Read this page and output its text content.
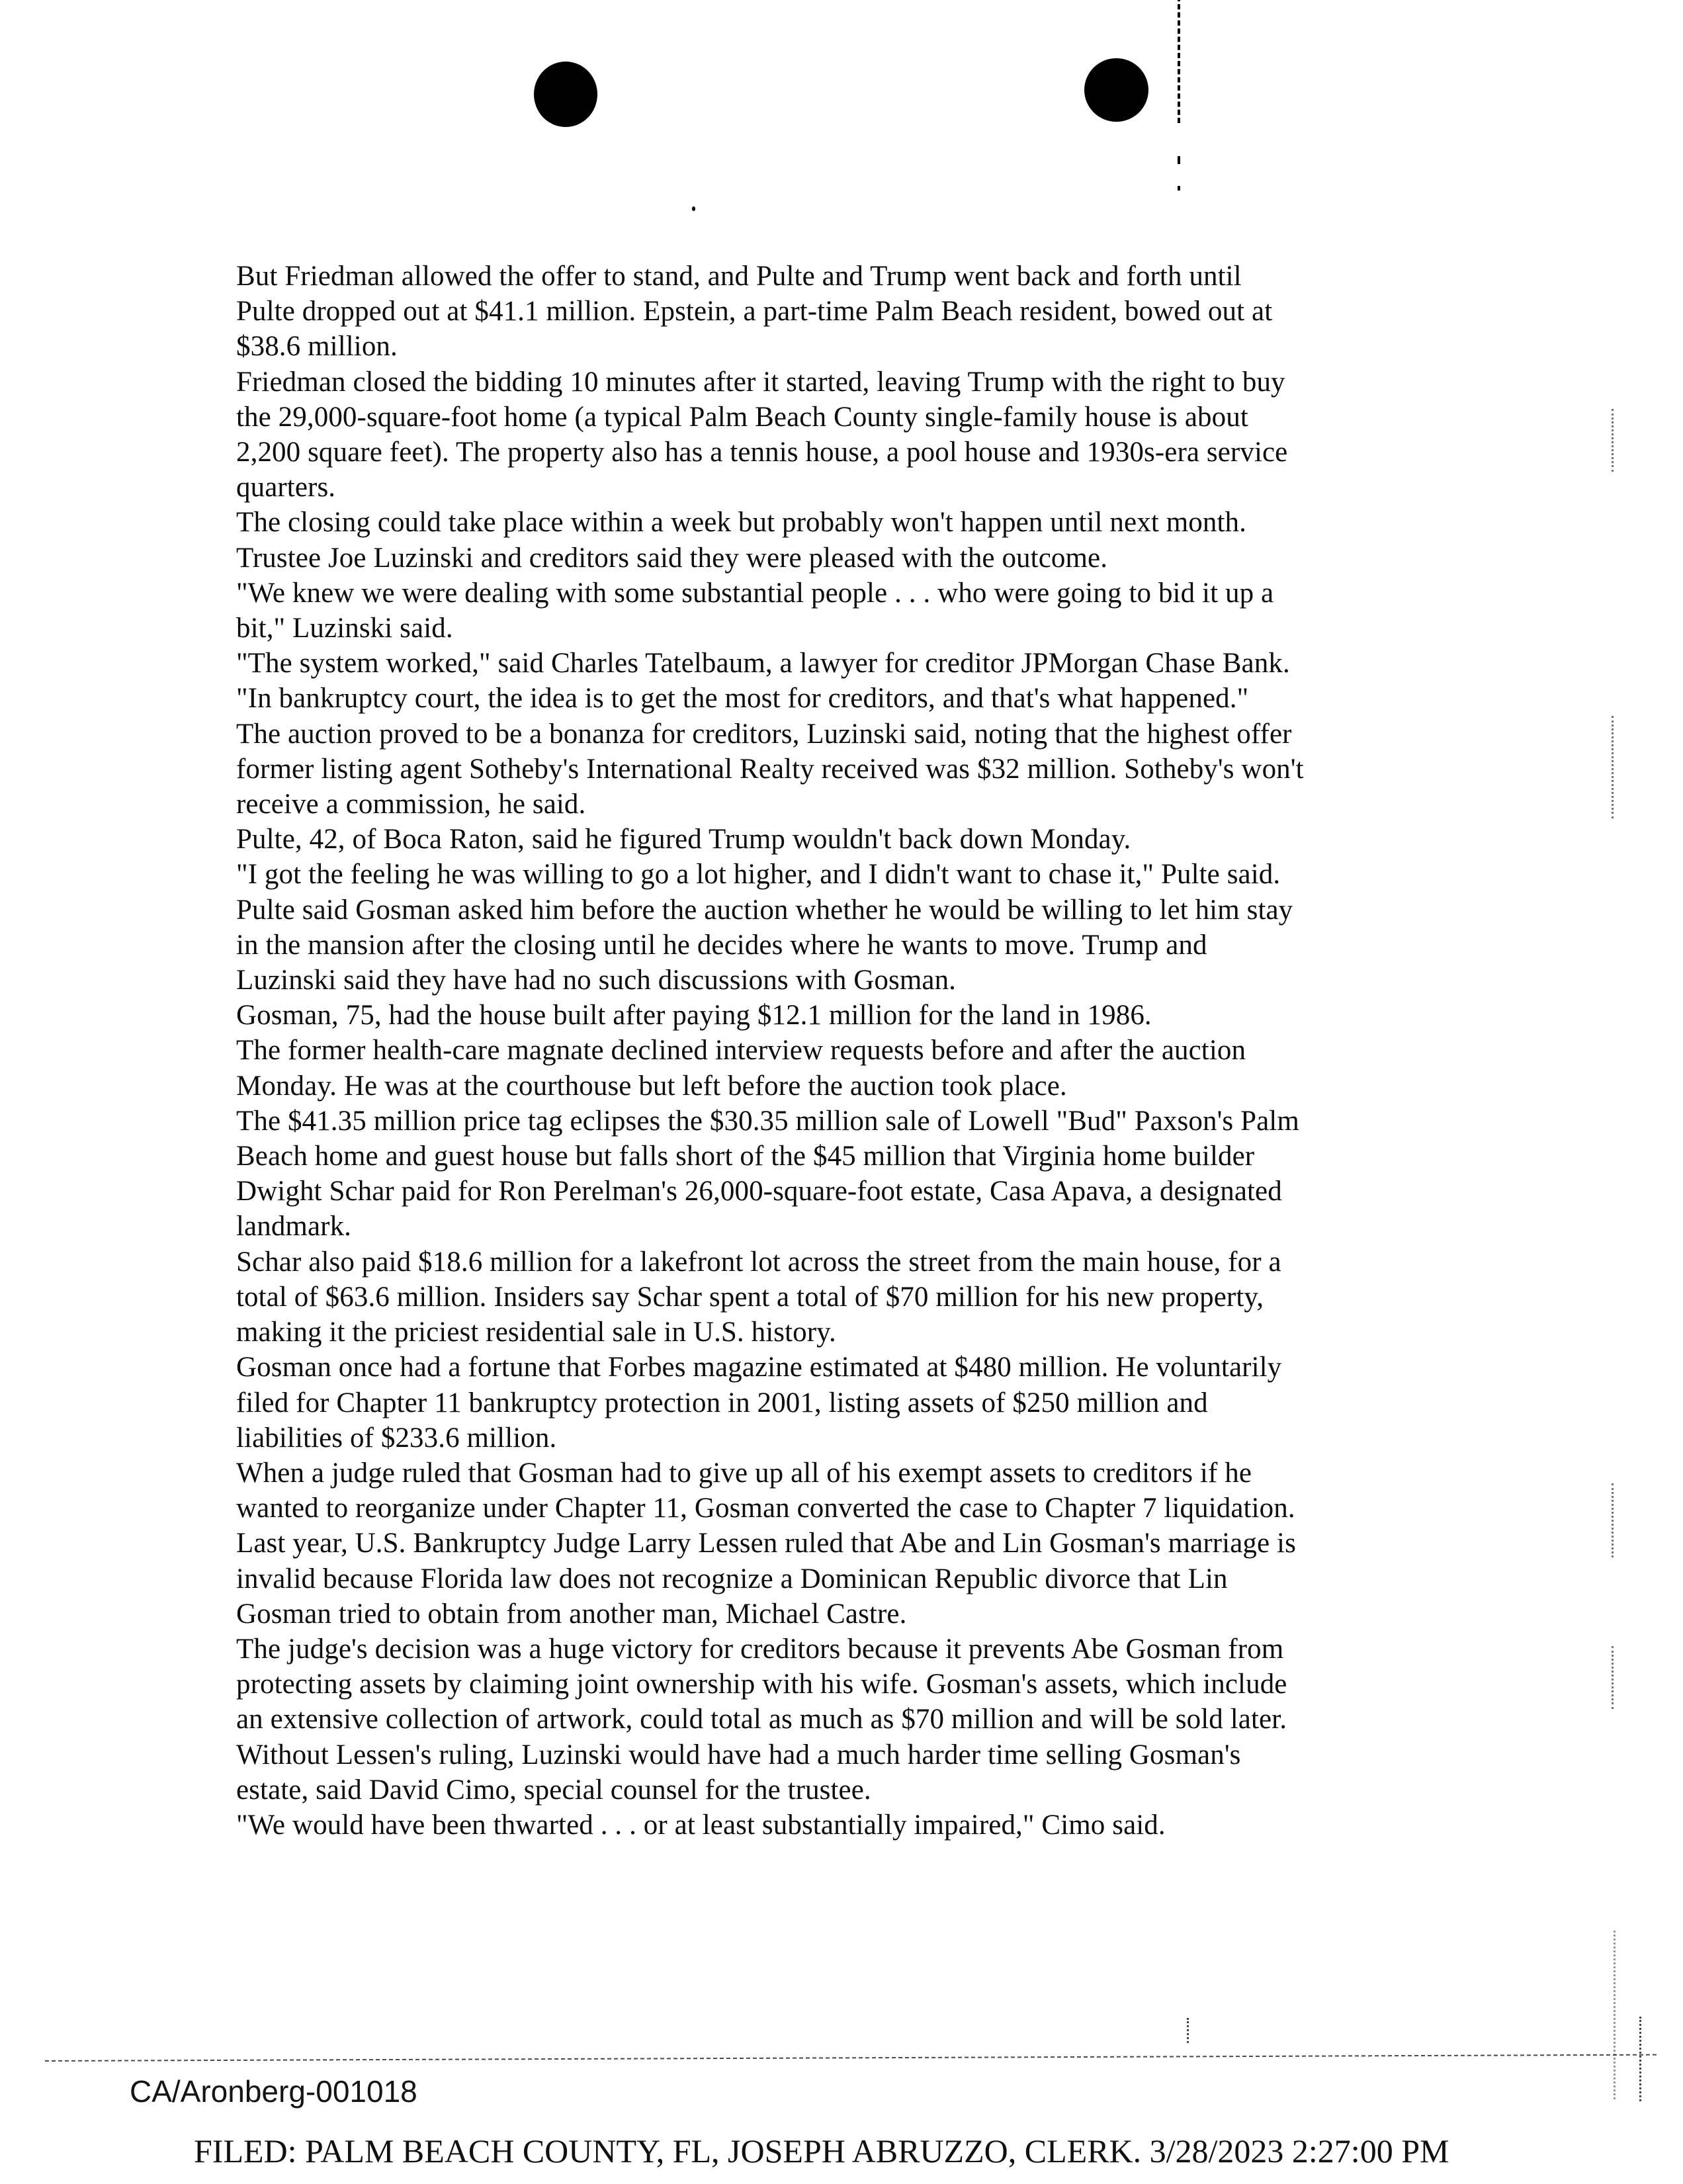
But Friedman allowed the offer to stand, and Pulte and Trump went back and forth until
Pulte dropped out at $41.1 million. Epstein, a part-time Palm Beach resident, bowed out at
$38.6 million.
Friedman closed the bidding 10 minutes after it started, leaving Trump with the right to buy
the 29,000-square-foot home (a typical Palm Beach County single-family house is about
2,200 square feet). The property also has a tennis house, a pool house and 1930s-era service
quarters.
The closing could take place within a week but probably won't happen until next month.
Trustee Joe Luzinski and creditors said they were pleased with the outcome.
"We knew we were dealing with some substantial people . . . who were going to bid it up a
bit," Luzinski said.
"The system worked," said Charles Tatelbaum, a lawyer for creditor JPMorgan Chase Bank.
"In bankruptcy court, the idea is to get the most for creditors, and that's what happened."
The auction proved to be a bonanza for creditors, Luzinski said, noting that the highest offer
former listing agent Sotheby's International Realty received was $32 million. Sotheby's won't
receive a commission, he said.
Pulte, 42, of Boca Raton, said he figured Trump wouldn't back down Monday.
"I got the feeling he was willing to go a lot higher, and I didn't want to chase it," Pulte said.
Pulte said Gosman asked him before the auction whether he would be willing to let him stay
in the mansion after the closing until he decides where he wants to move. Trump and
Luzinski said they have had no such discussions with Gosman.
Gosman, 75, had the house built after paying $12.1 million for the land in 1986.
The former health-care magnate declined interview requests before and after the auction
Monday. He was at the courthouse but left before the auction took place.
The $41.35 million price tag eclipses the $30.35 million sale of Lowell "Bud" Paxson's Palm
Beach home and guest house but falls short of the $45 million that Virginia home builder
Dwight Schar paid for Ron Perelman's 26,000-square-foot estate, Casa Apava, a designated
landmark.
Schar also paid $18.6 million for a lakefront lot across the street from the main house, for a
total of $63.6 million. Insiders say Schar spent a total of $70 million for his new property,
making it the priciest residential sale in U.S. history.
Gosman once had a fortune that Forbes magazine estimated at $480 million. He voluntarily
filed for Chapter 11 bankruptcy protection in 2001, listing assets of $250 million and
liabilities of $233.6 million.
When a judge ruled that Gosman had to give up all of his exempt assets to creditors if he
wanted to reorganize under Chapter 11, Gosman converted the case to Chapter 7 liquidation.
Last year, U.S. Bankruptcy Judge Larry Lessen ruled that Abe and Lin Gosman's marriage is
invalid because Florida law does not recognize a Dominican Republic divorce that Lin
Gosman tried to obtain from another man, Michael Castre.
The judge's decision was a huge victory for creditors because it prevents Abe Gosman from
protecting assets by claiming joint ownership with his wife. Gosman's assets, which include
an extensive collection of artwork, could total as much as $70 million and will be sold later.
Without Lessen's ruling, Luzinski would have had a much harder time selling Gosman's
estate, said David Cimo, special counsel for the trustee.
"We would have been thwarted . . . or at least substantially impaired," Cimo said.
CA/Aronberg-001018
FILED: PALM BEACH COUNTY, FL, JOSEPH ABRUZZO, CLERK. 3/28/2023 2:27:00 PM
